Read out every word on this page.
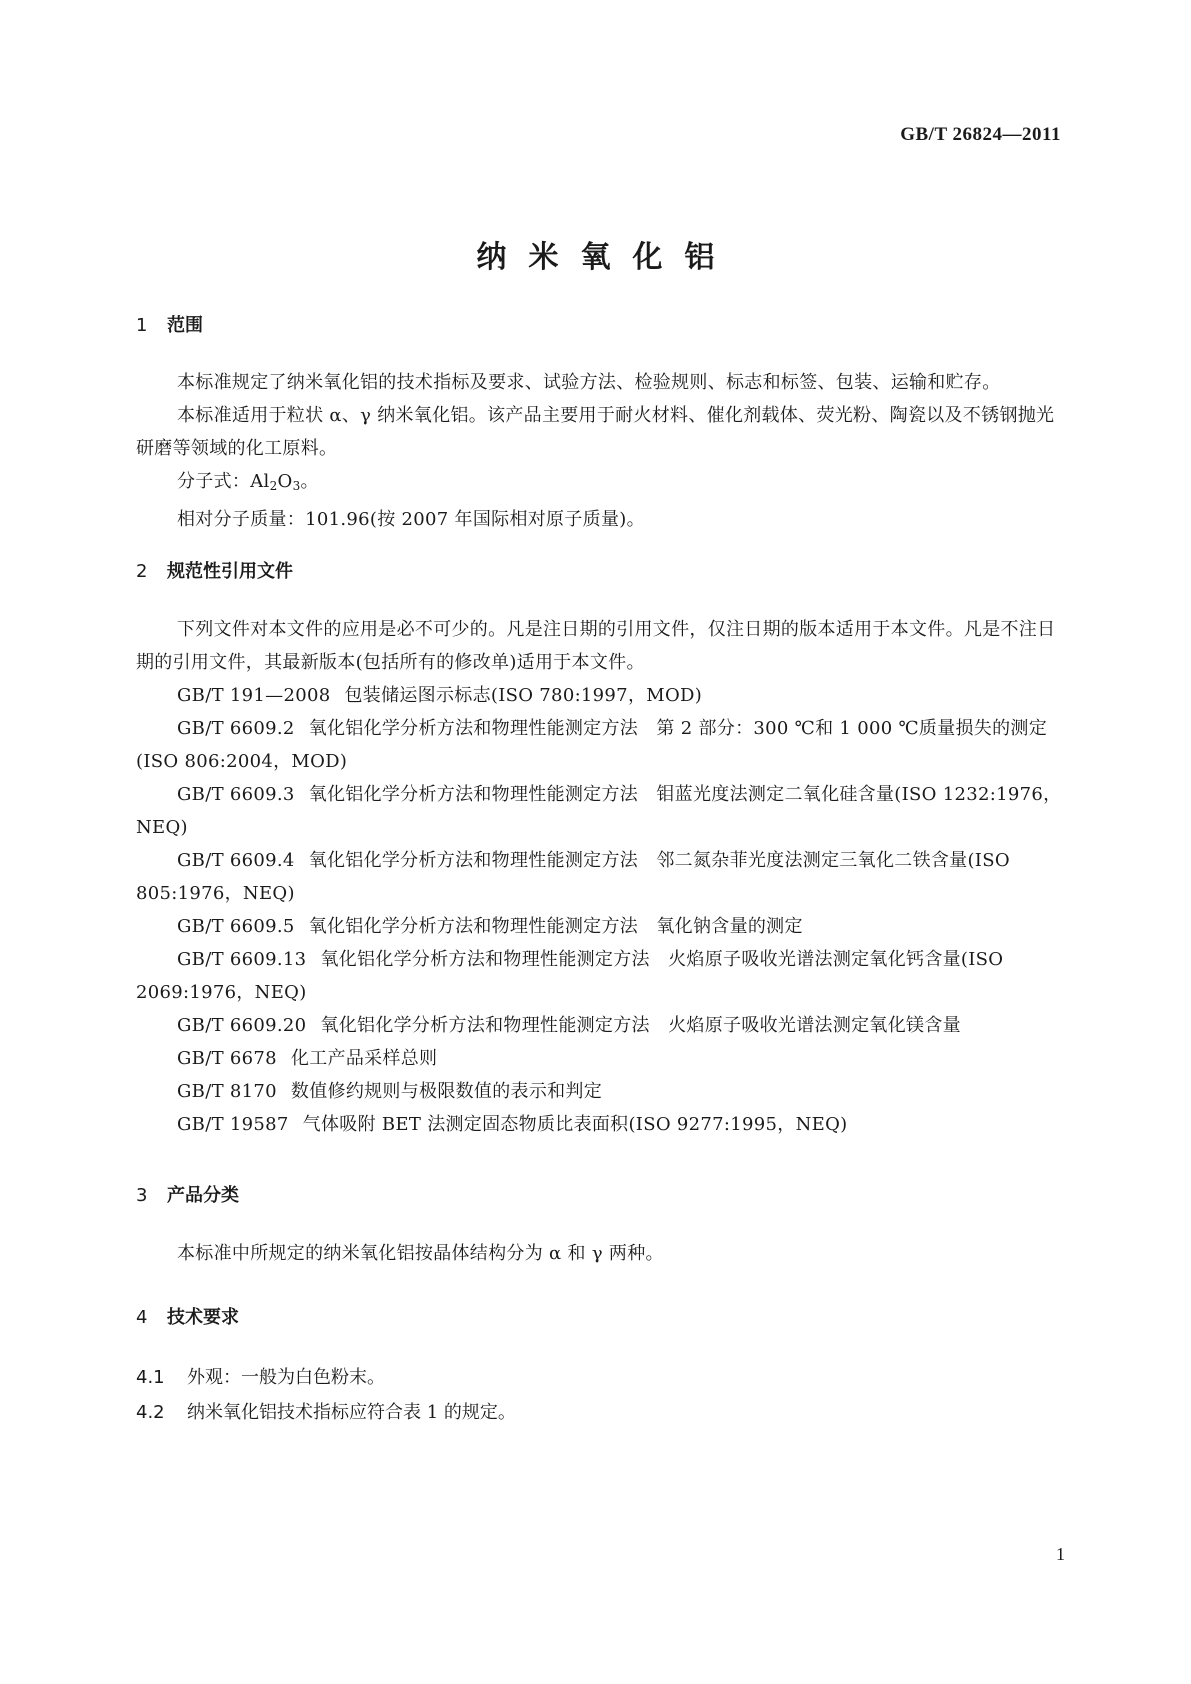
GB/T 26824—2011
纳米氧化铝
1 范围

本标准规定了纳米氧化铝的技术指标及要求、试验方法、检验规则、标志和标签、包装、运输和贮存。

本标准适用于粒状 α、γ 纳米氧化铝。该产品主要用于耐火材料、催化剂载体、荧光粉、陶瓷以及不锈钢抛光研磨等领域的化工原料。

分子式：$Al_2O_3$。

相对分子质量：101.96(按 2007 年国际相对原子质量)。

2 规范性引用文件

下列文件对本文件的应用是必不可少的。凡是注日期的引用文件，仅注日期的版本适用于本文件。凡是不注日期的引用文件，其最新版本(包括所有的修改单)适用于本文件。

GB/T 191—2008 包装储运图示标志(ISO 780:1997，MOD)

GB/T 6609.2 氧化铝化学分析方法和物理性能测定方法　第 2 部分：300 ℃和 1 000 ℃质量损失的测定(ISO 806:2004，MOD)

GB/T 6609.3 氧化铝化学分析方法和物理性能测定方法　钼蓝光度法测定二氧化硅含量(ISO 1232:1976，NEQ)

GB/T 6609.4 氧化铝化学分析方法和物理性能测定方法　邻二氮杂菲光度法测定三氧化二铁含量(ISO 805:1976，NEQ)

GB/T 6609.5 氧化铝化学分析方法和物理性能测定方法　氧化钠含量的测定

GB/T 6609.13 氧化铝化学分析方法和物理性能测定方法　火焰原子吸收光谱法测定氧化钙含量(ISO 2069:1976，NEQ)

GB/T 6609.20 氧化铝化学分析方法和物理性能测定方法　火焰原子吸收光谱法测定氧化镁含量

GB/T 6678 化工产品采样总则

GB/T 8170 数值修约规则与极限数值的表示和判定

GB/T 19587 气体吸附 BET 法测定固态物质比表面积(ISO 9277:1995，NEQ)

3 产品分类

本标准中所规定的纳米氧化铝按晶体结构分为 α 和 γ 两种。

4 技术要求
4.1 外观：一般为白色粉末。
4.2 纳米氧化铝技术指标应符合表 1 的规定。
1
